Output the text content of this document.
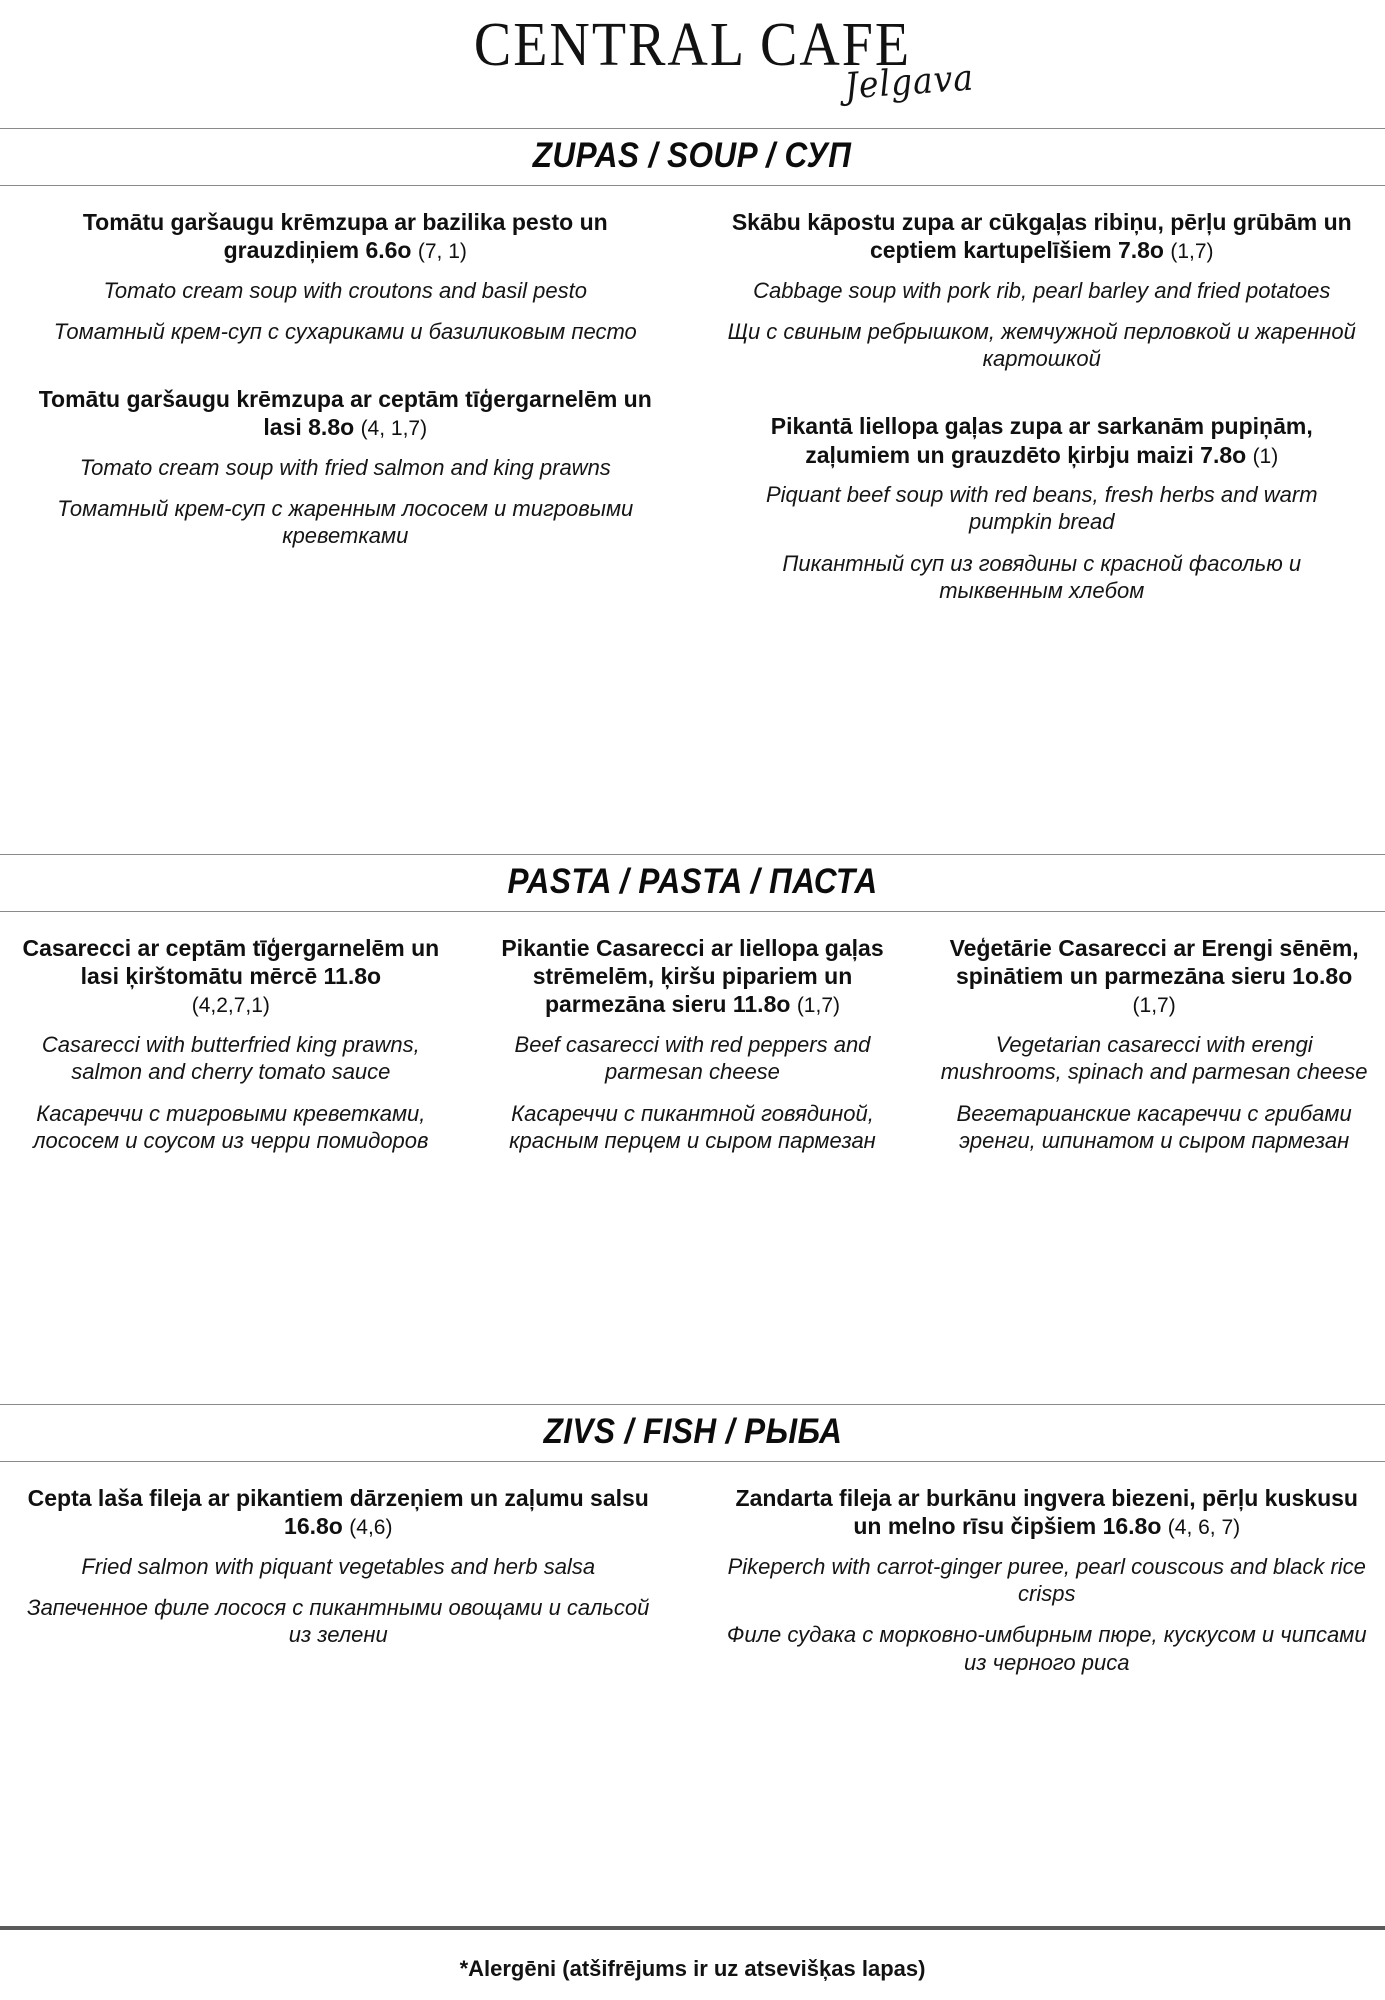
CENTRAL CAFE
Jelgava
ZUPAS / SOUP / СУП

Tomātu garšaugu krēmzupa ar bazilika pesto un grauzdiņiem 6.6o (7, 1)

Tomato cream soup with croutons and basil pesto

Томатный крем-суп с сухариками и базиликовым песто

Tomātu garšaugu krēmzupa ar ceptām tīģergarnelēm un lasi 8.8o (4, 1,7)

Tomato cream soup with fried salmon and king prawns

Томатный крем-суп с жаренным лососем и тигровыми креветками

Skābu kāpostu zupa ar cūkgaļas ribiņu, pērļu grūbām un ceptiem kartupelīšiem 7.8o (1,7)

Cabbage soup with pork rib, pearl barley and fried potatoes

Щи с свиным ребрышком, жемчужной перловкой и жаренной картошкой

Pikantā liellopa gaļas zupa ar sarkanām pupiņām, zaļumiem un grauzdēto ķirbju maizi 7.8o (1)

Piquant beef soup with red beans, fresh herbs and warm pumpkin bread

Пикантный суп из говядины с красной фасолью и тыквенным хлебом

PASTA / PASTA / ПАСТА

Casarecci ar ceptām tīģergarnelēm un lasi ķirštomātu mērcē 11.8o
(4,2,7,1)

Casarecci with butterfried king prawns, salmon and cherry tomato sauce

Касареччи с тигровыми креветками, лососем и соусом из черри помидоров

Pikantie Casarecci ar liellopa gaļas strēmelēm, ķiršu pipariem un parmezāna sieru 11.8o (1,7)

Beef casarecci with red peppers and parmesan cheese

Касареччи с пикантной говядиной, красным перцем и сыром пармезан

Veģetārie Casarecci ar Erengi sēnēm, spinātiem un parmezāna sieru 1o.8o (1,7)

Vegetarian casarecci with erengi mushrooms, spinach and parmesan cheese

Вегетарианские касареччи с грибами эренги, шпинатом и сыром пармезан

ZIVS / FISH / РЫБА

Cepta laša fileja ar pikantiem dārzeņiem un zaļumu salsu 16.8o (4,6)

Fried salmon with piquant vegetables and herb salsa

Запеченное филе лосося с пикантными овощами и сальсой из зелени

Zandarta fileja ar burkānu ingvera biezeni, pērļu kuskusu un melno rīsu čipšiem 16.8o (4, 6, 7)

Pikeperch with carrot-ginger puree, pearl couscous and black rice crisps

Филе судака с морковно-имбирным пюре, кускусом и чипсами из черного риса

*Alergēni (atšifrējums ir uz atsevišķas lapas)
